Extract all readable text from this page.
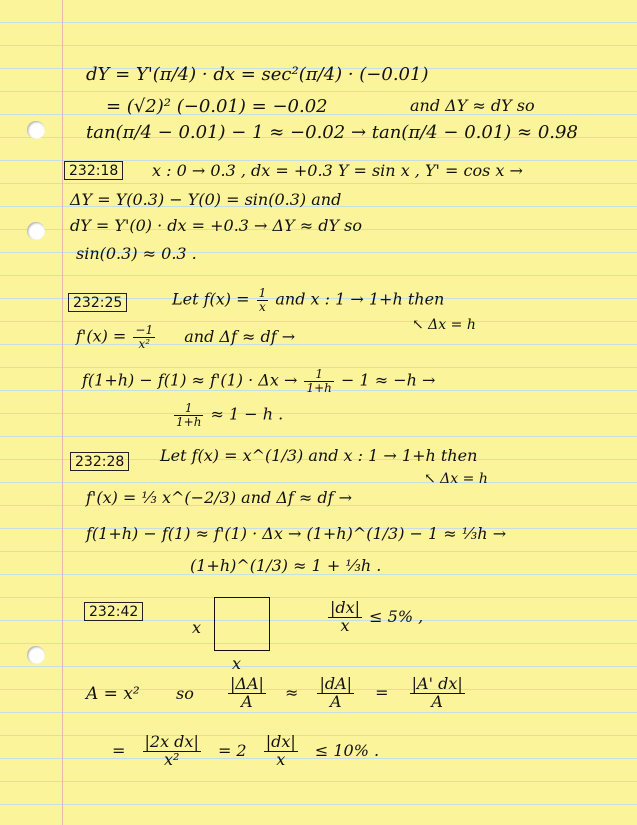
dY = Y'(π/4) · dx = sec²(π/4) · (−0.01)
= (√2)² (−0.01) = −0.02	and ΔY ≈ dY so
tan(π/4 − 0.01) − 1 ≈ −0.02 → tan(π/4 − 0.01) ≈ 0.98
232:18	x : 0 → 0.3 , dx = +0.3 Y = sin x , Y' = cos x →
ΔY = Y(0.3) − Y(0) = sin(0.3) and
dY = Y'(0) · dx = +0.3 → ΔY ≈ dY so
sin(0.3) ≈ 0.3 .
232:25	Let $f(x) = \frac{1}{x}$ and x : 1 → 1+h then
↖ Δx = h
$f'(x) = \frac{-1}{\text{x²}}$ and Δf ≈ df →
$f(1+h) - f(1) \approx f'(1) \cdot \Delta x \to \frac{1}{1+h} - 1 \approx -h$ →
$\frac{1}{1+h} \approx 1 - h$ .
232:28	Let f(x) = x^(1/3) and x : 1 → 1+h then
↖ Δx = h
f'(x) = ⅓ x^(−2/3) and Δf ≈ df →
f(1+h) − f(1) ≈ f'(1) · Δx → (1+h)^(1/3) − 1 ≈ ⅓h →
(1+h)^(1/3) ≈ 1 + ⅓h .
232:42
x
x
$\frac{|dx|}{x} \le 5\%$ ,
A = x² so $\frac{|\Delta A|}{A} \approx \frac{|dA|}{A} = \frac{|A' dx|}{A}$
= $\frac{\text{|2x dx|}}{\text{x²}} = 2 \frac{|dx|}{x} \le 10\%$ .
